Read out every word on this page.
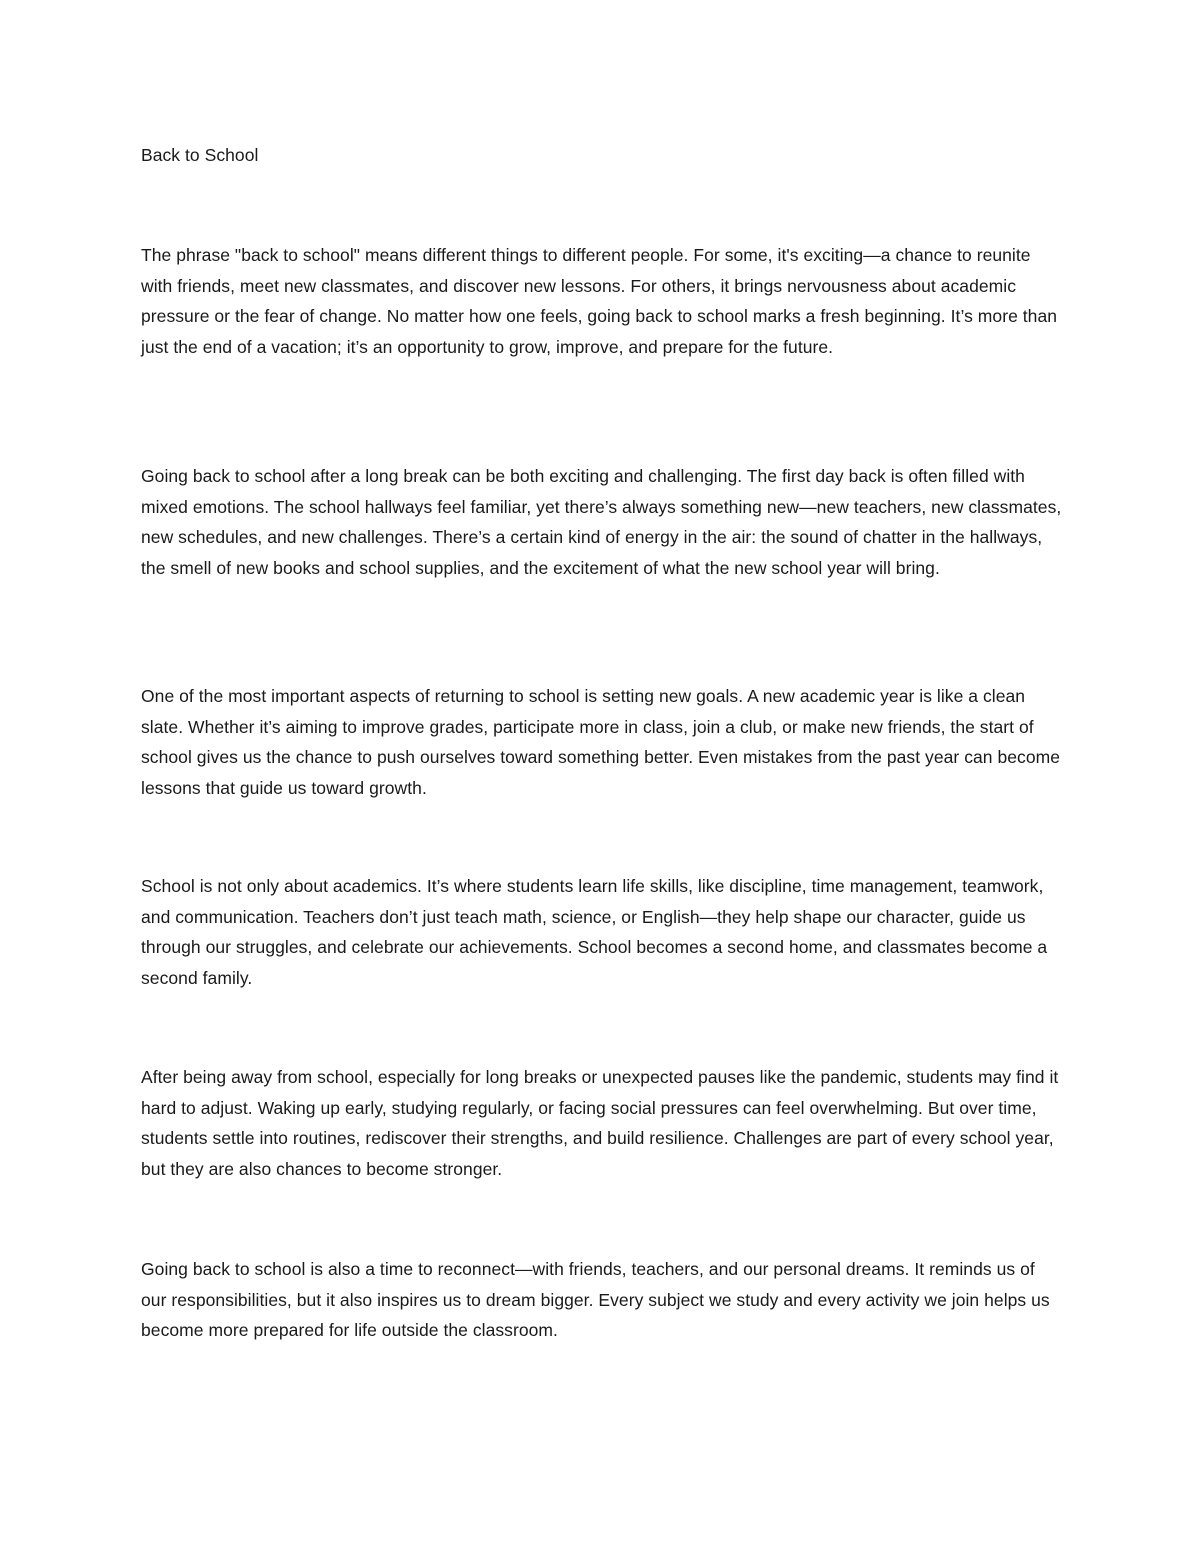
Back to School

The phrase "back to school" means different things to different people. For some, it's exciting—a chance to reunite with friends, meet new classmates, and discover new lessons. For others, it brings nervousness about academic pressure or the fear of change. No matter how one feels, going back to school marks a fresh beginning. It’s more than just the end of a vacation; it’s an opportunity to grow, improve, and prepare for the future.

Going back to school after a long break can be both exciting and challenging. The first day back is often filled with mixed emotions. The school hallways feel familiar, yet there’s always something new—new teachers, new classmates, new schedules, and new challenges. There’s a certain kind of energy in the air: the sound of chatter in the hallways, the smell of new books and school supplies, and the excitement of what the new school year will bring.

One of the most important aspects of returning to school is setting new goals. A new academic year is like a clean slate. Whether it’s aiming to improve grades, participate more in class, join a club, or make new friends, the start of school gives us the chance to push ourselves toward something better. Even mistakes from the past year can become lessons that guide us toward growth.

School is not only about academics. It’s where students learn life skills, like discipline, time management, teamwork, and communication. Teachers don’t just teach math, science, or English—they help shape our character, guide us through our struggles, and celebrate our achievements. School becomes a second home, and classmates become a second family.

After being away from school, especially for long breaks or unexpected pauses like the pandemic, students may find it hard to adjust. Waking up early, studying regularly, or facing social pressures can feel overwhelming. But over time, students settle into routines, rediscover their strengths, and build resilience. Challenges are part of every school year, but they are also chances to become stronger.

Going back to school is also a time to reconnect—with friends, teachers, and our personal dreams. It reminds us of our responsibilities, but it also inspires us to dream bigger. Every subject we study and every activity we join helps us become more prepared for life outside the classroom.
